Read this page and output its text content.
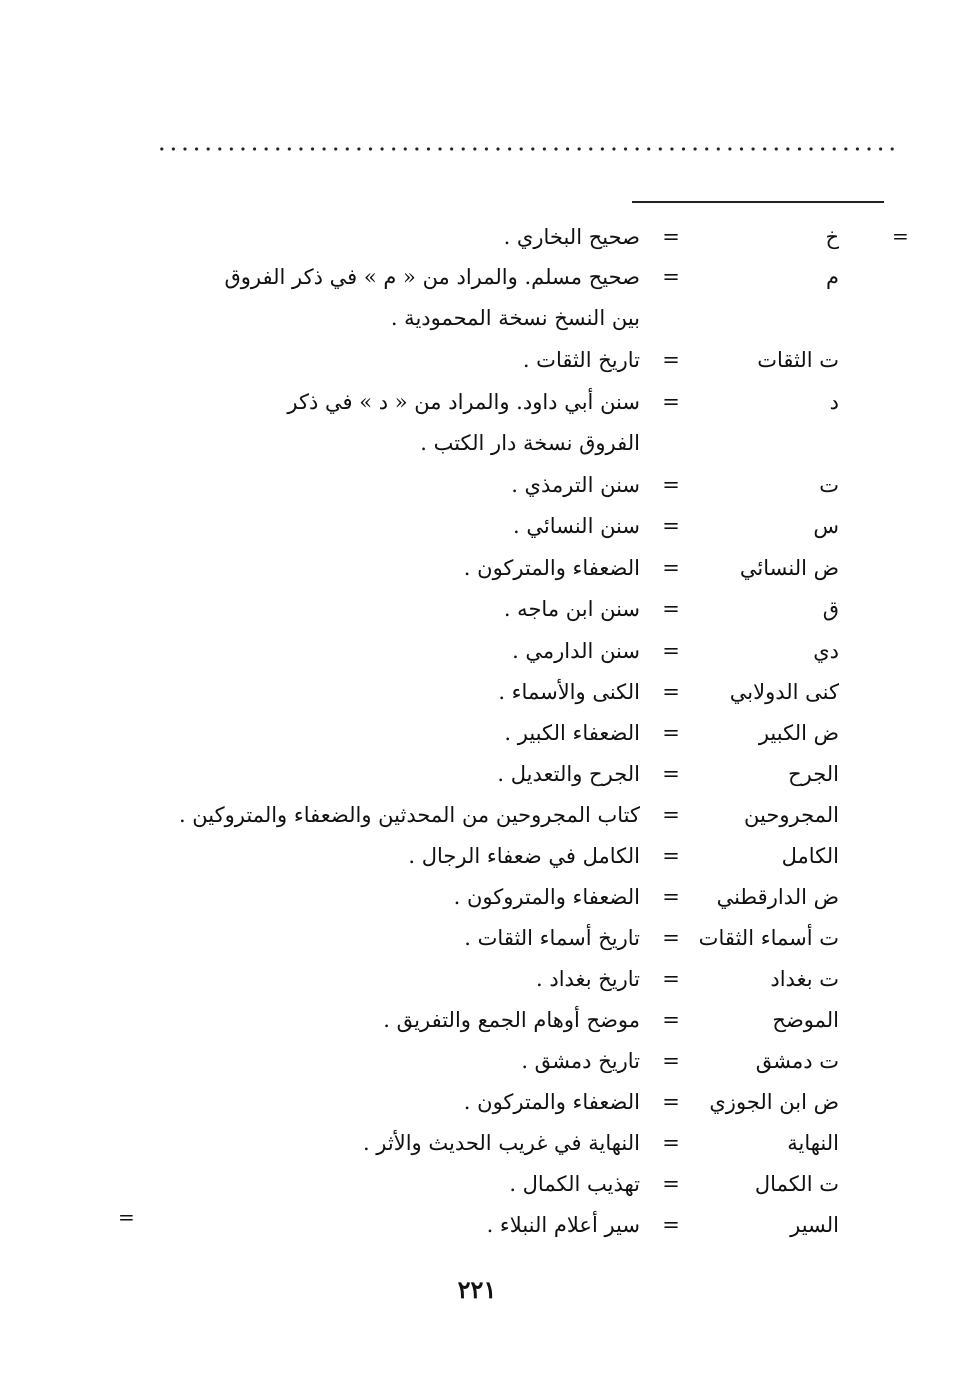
=
=
خ
=
صحيح البخاري .
م
=
صحيح مسلم. والمراد من « م » في ذكر الفروق
بين النسخ نسخة المحمودية .
ت الثقات
=
تاريخ الثقات .
د
=
سنن أبي داود. والمراد من « د » في ذكر
الفروق نسخة دار الكتب .
ت
=
سنن الترمذي .
س
=
سنن النسائي .
ض النسائي
=
الضعفاء والمتركون .
ق
=
سنن ابن ماجه .
دي
=
سنن الدارمي .
كنى الدولابي
=
الكنى والأسماء .
ض الكبير
=
الضعفاء الكبير .
الجرح
=
الجرح والتعديل .
المجروحين
=
كتاب المجروحين من المحدثين والضعفاء والمتروكين .
الكامل
=
الكامل في ضعفاء الرجال .
ض الدارقطني
=
الضعفاء والمتروكون .
ت أسماء الثقات
=
تاريخ أسماء الثقات .
ت بغداد
=
تاريخ بغداد .
الموضح
=
موضح أوهام الجمع والتفريق .
ت دمشق
=
تاريخ دمشق .
ض ابن الجوزي
=
الضعفاء والمتركون .
النهاية
=
النهاية في غريب الحديث والأثر .
ت الكمال
=
تهذيب الكمال .
السير
=
سير أعلام النبلاء .
٢٢١
